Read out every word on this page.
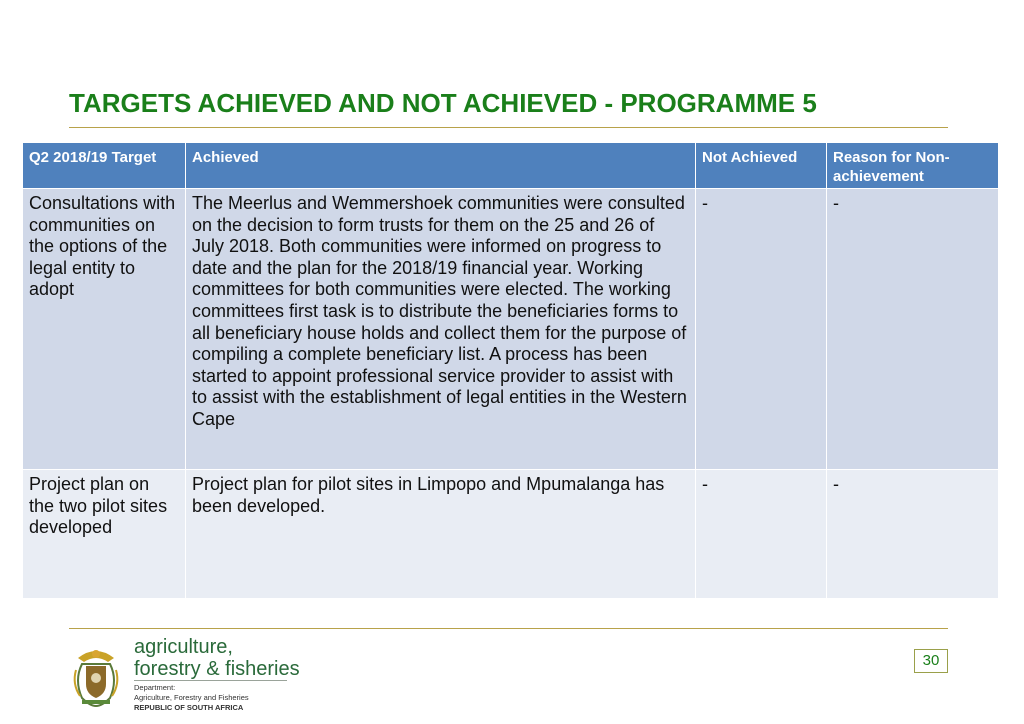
TARGETS ACHIEVED AND NOT ACHIEVED - PROGRAMME 5
Q2 2018/19 Target	Achieved	Not Achieved	Reason for Non-achievement
Consultations with communities on the options of the legal entity to adopt	The Meerlus and Wemmershoek communities were consulted on the decision to form trusts for them on the 25 and 26 of July 2018. Both communities were informed on progress to date and the plan for the 2018/19 financial year. Working committees for both communities were elected. The working committees first task is to distribute the beneficiaries forms to all beneficiary house holds and collect them for the purpose of compiling a complete beneficiary list. A process has been started to appoint professional service provider to assist with to assist with the establishment of legal entities in the Western Cape	-	-
Project plan on the two pilot sites developed	Project plan for pilot sites in Limpopo and Mpumalanga has been developed.	-	-
agriculture,
forestry & fisheries
Department:
Agriculture, Forestry and Fisheries
REPUBLIC OF SOUTH AFRICA
30
